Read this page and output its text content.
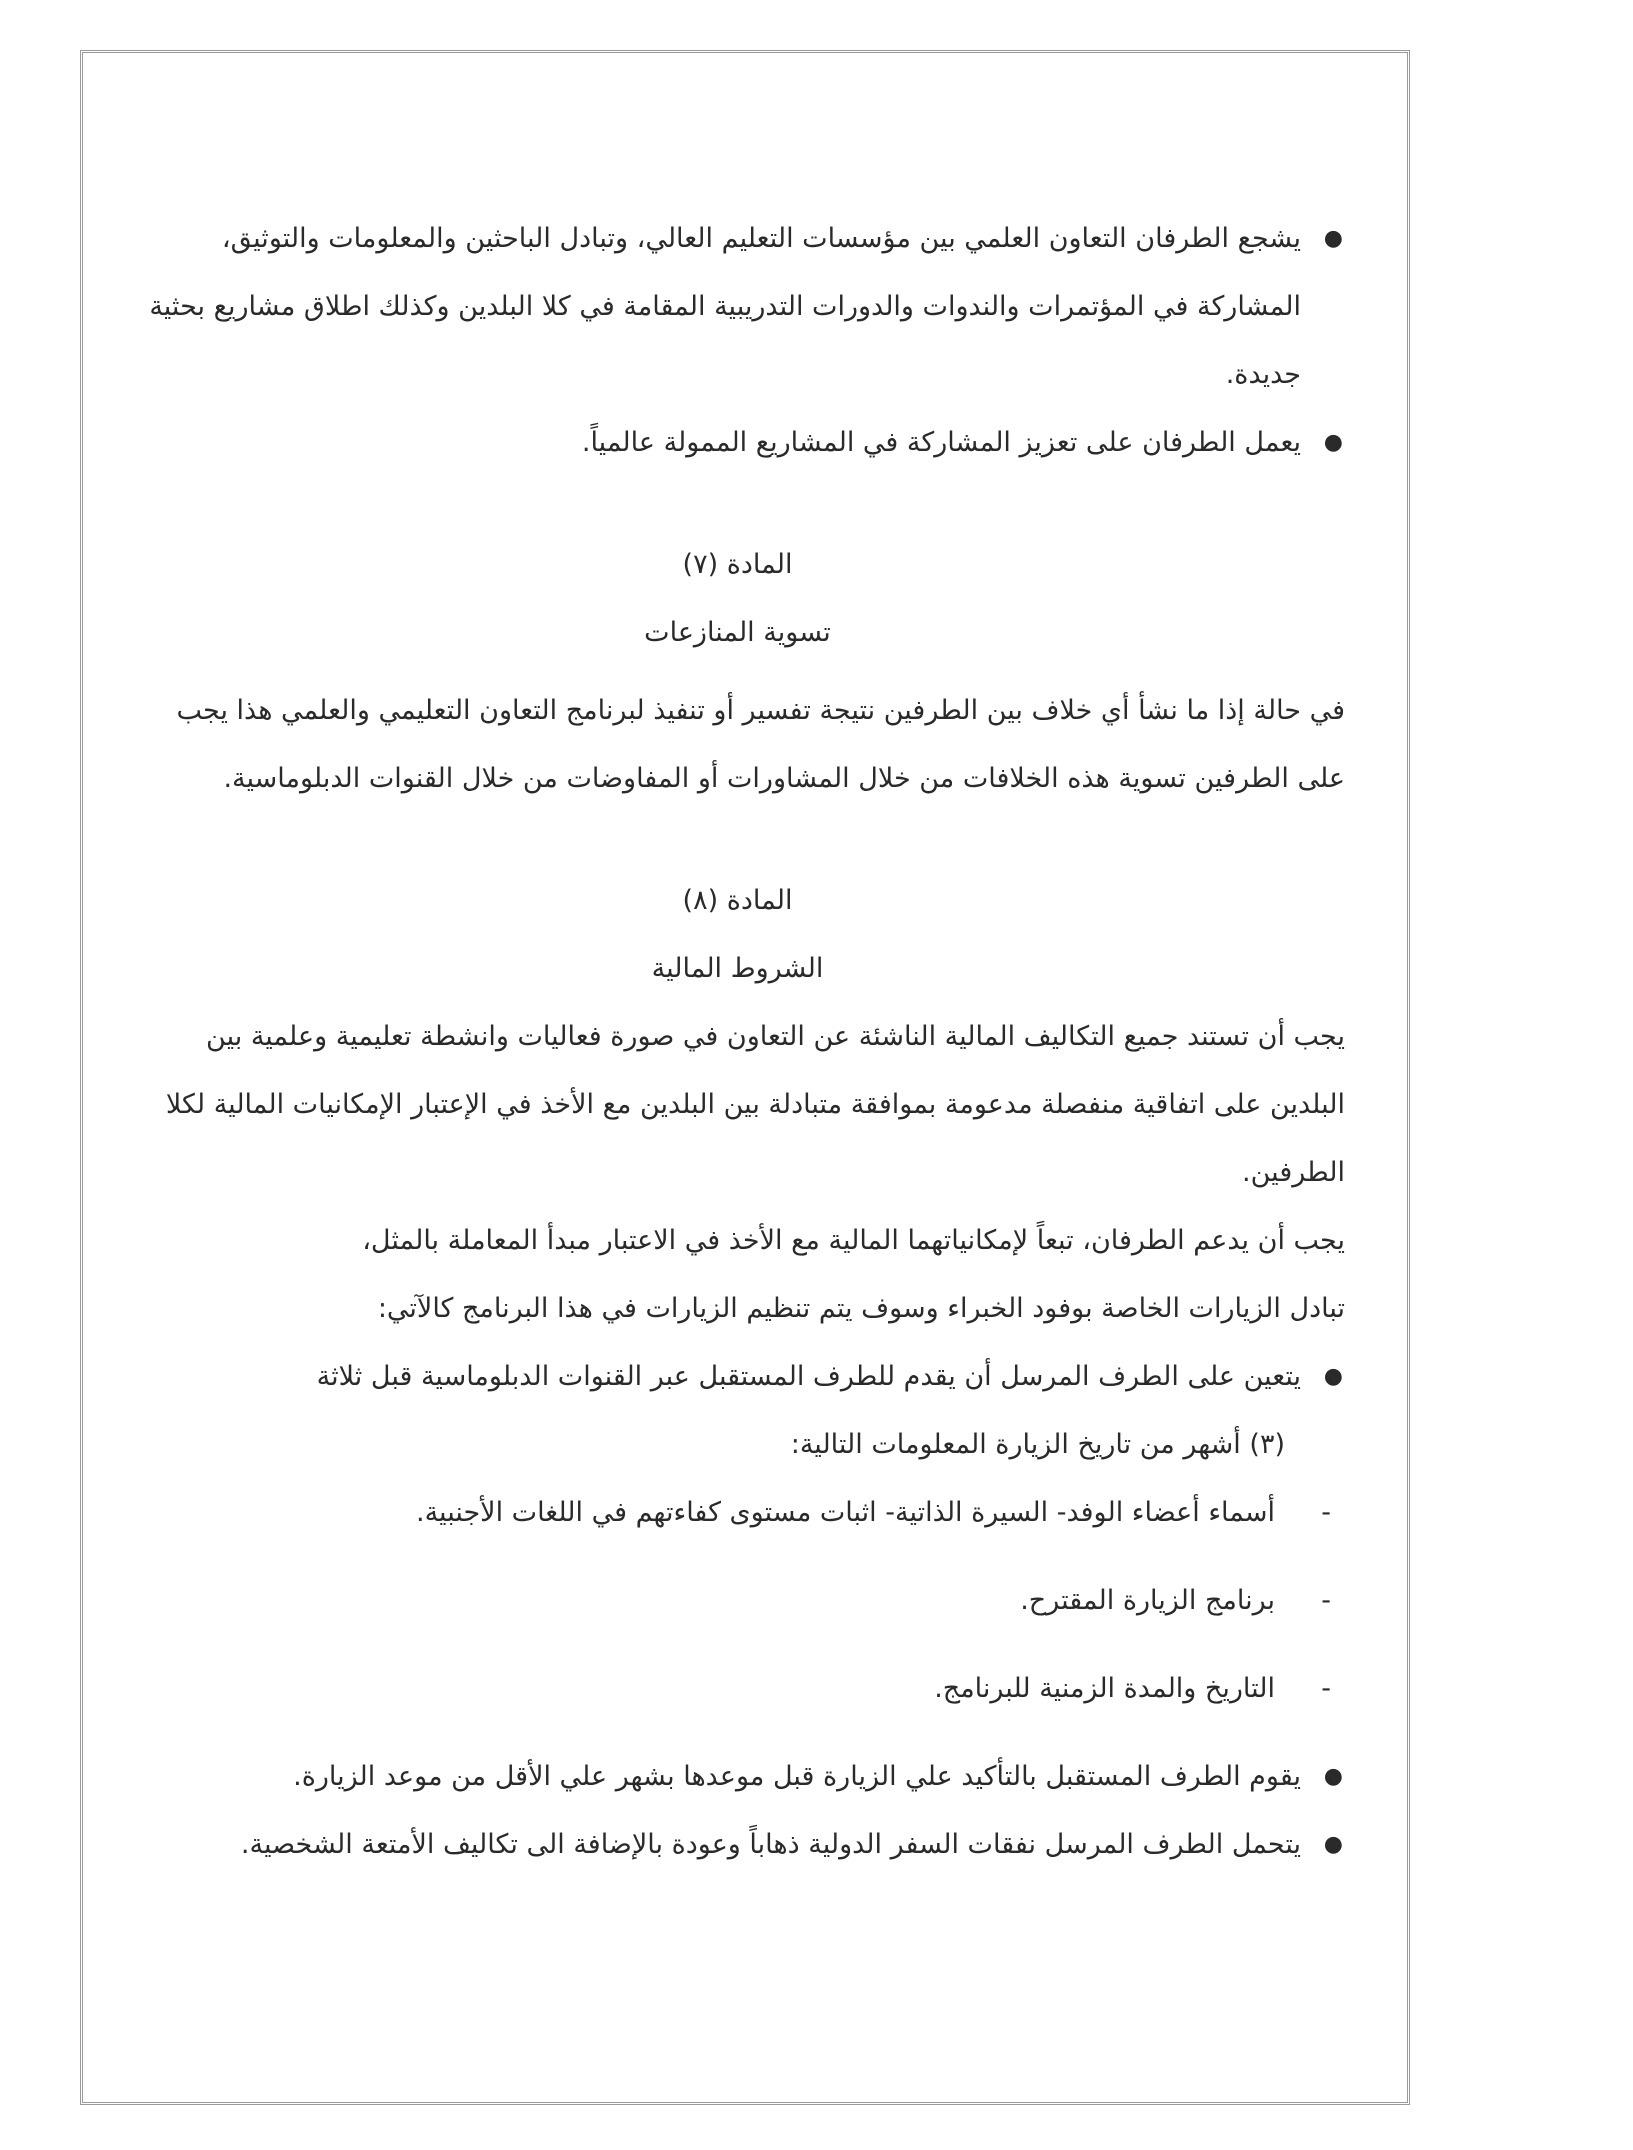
●
يشجع الطرفان التعاون العلمي بين مؤسسات التعليم العالي، وتبادل الباحثين والمعلومات والتوثيق، المشاركة في المؤتمرات والندوات والدورات التدريبية المقامة في كلا البلدين وكذلك اطلاق مشاريع بحثية جديدة.

●
يعمل الطرفان على تعزيز المشاركة في المشاريع الممولة عالمياً.

المادة (٧)

تسوية المنازعات

في حالة إذا ما نشأ أي خلاف بين الطرفين نتيجة تفسير أو تنفيذ لبرنامج التعاون التعليمي والعلمي هذا يجب على الطرفين تسوية هذه الخلافات من خلال المشاورات أو المفاوضات من خلال القنوات الدبلوماسية.

المادة (٨)

الشروط المالية

يجب أن تستند جميع التكاليف المالية الناشئة عن التعاون في صورة فعاليات وانشطة تعليمية وعلمية بين البلدين على اتفاقية منفصلة مدعومة بموافقة متبادلة بين البلدين مع الأخذ في الإعتبار الإمكانيات المالية لكلا الطرفين.

يجب أن يدعم الطرفان، تبعاً لإمكانياتهما المالية مع الأخذ في الاعتبار مبدأ المعاملة بالمثل،

تبادل الزيارات الخاصة بوفود الخبراء وسوف يتم تنظيم الزيارات في هذا البرنامج كالآتي:

●
يتعين على الطرف المرسل أن يقدم للطرف المستقبل عبر القنوات الدبلوماسية قبل ثلاثة

(٣) أشهر من تاريخ الزيارة المعلومات التالية:

-
أسماء أعضاء الوفد- السيرة الذاتية- اثبات مستوى كفاءتهم في اللغات الأجنبية.

-
برنامج الزيارة المقترح.

-
التاريخ والمدة الزمنية للبرنامج.

●
يقوم الطرف المستقبل بالتأكيد علي الزيارة قبل موعدها بشهر علي الأقل من موعد الزيارة.

●
يتحمل الطرف المرسل نفقات السفر الدولية ذهاباً وعودة بالإضافة الى تكاليف الأمتعة الشخصية.
